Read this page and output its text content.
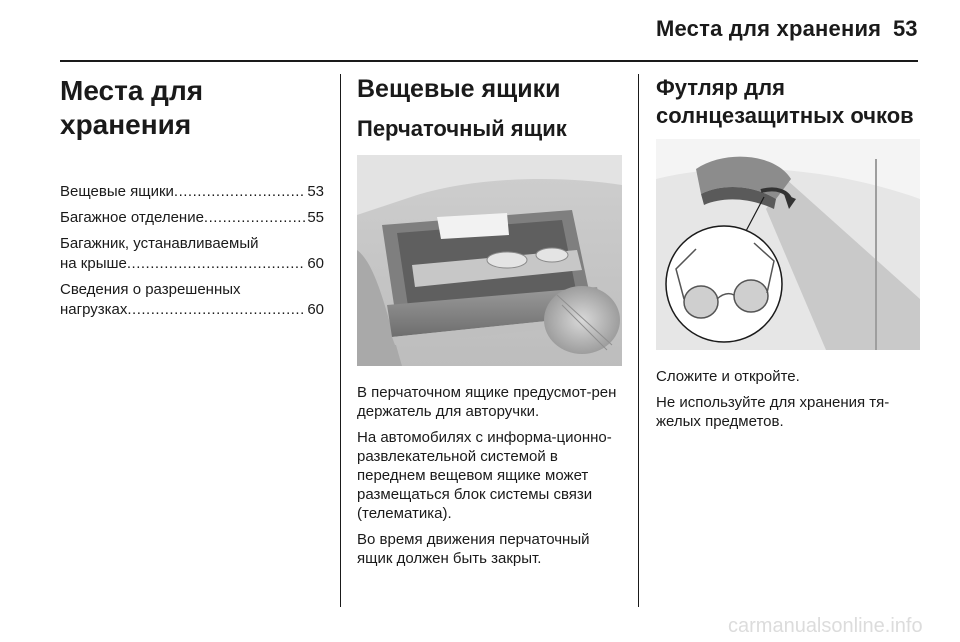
Места для хранения 53
Места для хранения
Вещевые ящики .....	53
Багажное отделение .....	55
Багажник, устанавливаемый
на крыше .....	60
Сведения о разрешенных
нагрузках .....	60
Вещевые ящики
Перчаточный ящик

В перчаточном ящике предусмот-рен держатель для авторучки.

На автомобилях с информа-ционно-развлекательной системой в переднем вещевом ящике может размещаться блок системы связи (телематика).

Во время движения перчаточный ящик должен быть закрыт.

Футляр для солнцезащитных очков

Сложите и откройте.

Не используйте для хранения тя-желых предметов.

carmanualsonline.info
